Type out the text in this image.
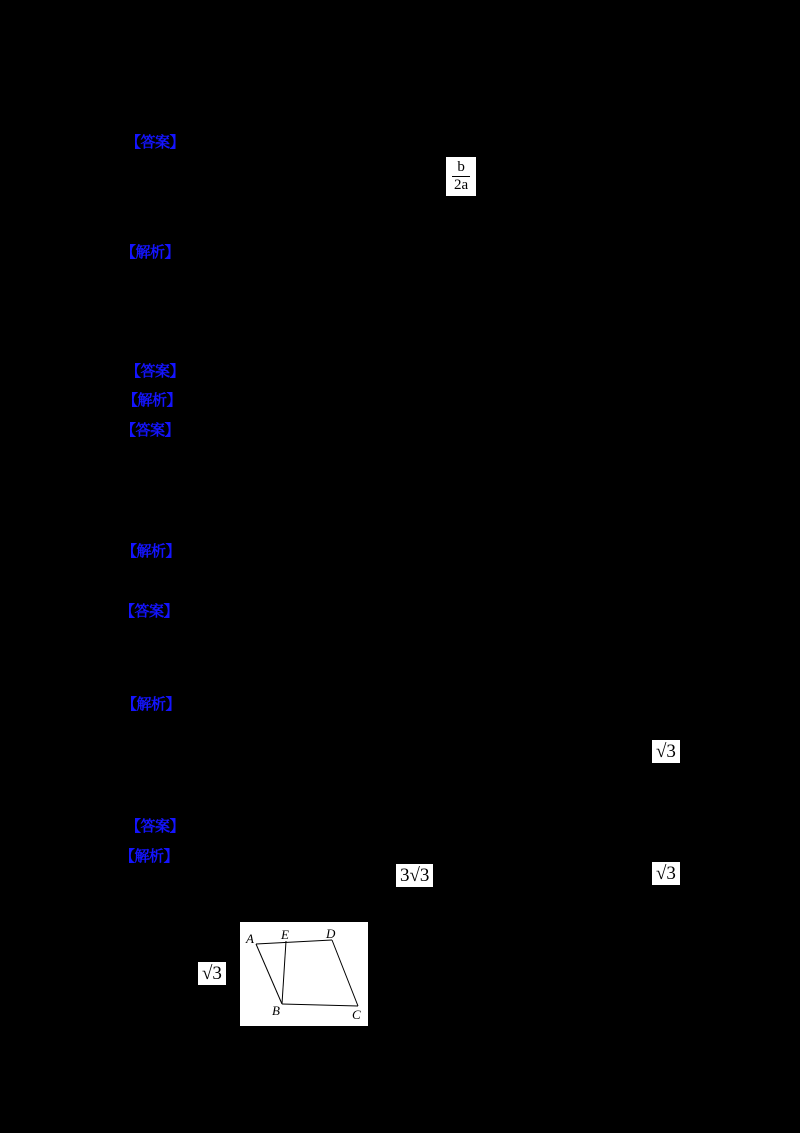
【答案】
【解析】
【答案】
【解析】
【答案】
【解析】
【答案】
【解析】
【答案】
【解析】
$\frac{b}{2a}$
√3
3√3	√3
√3
A E	D
B	C
